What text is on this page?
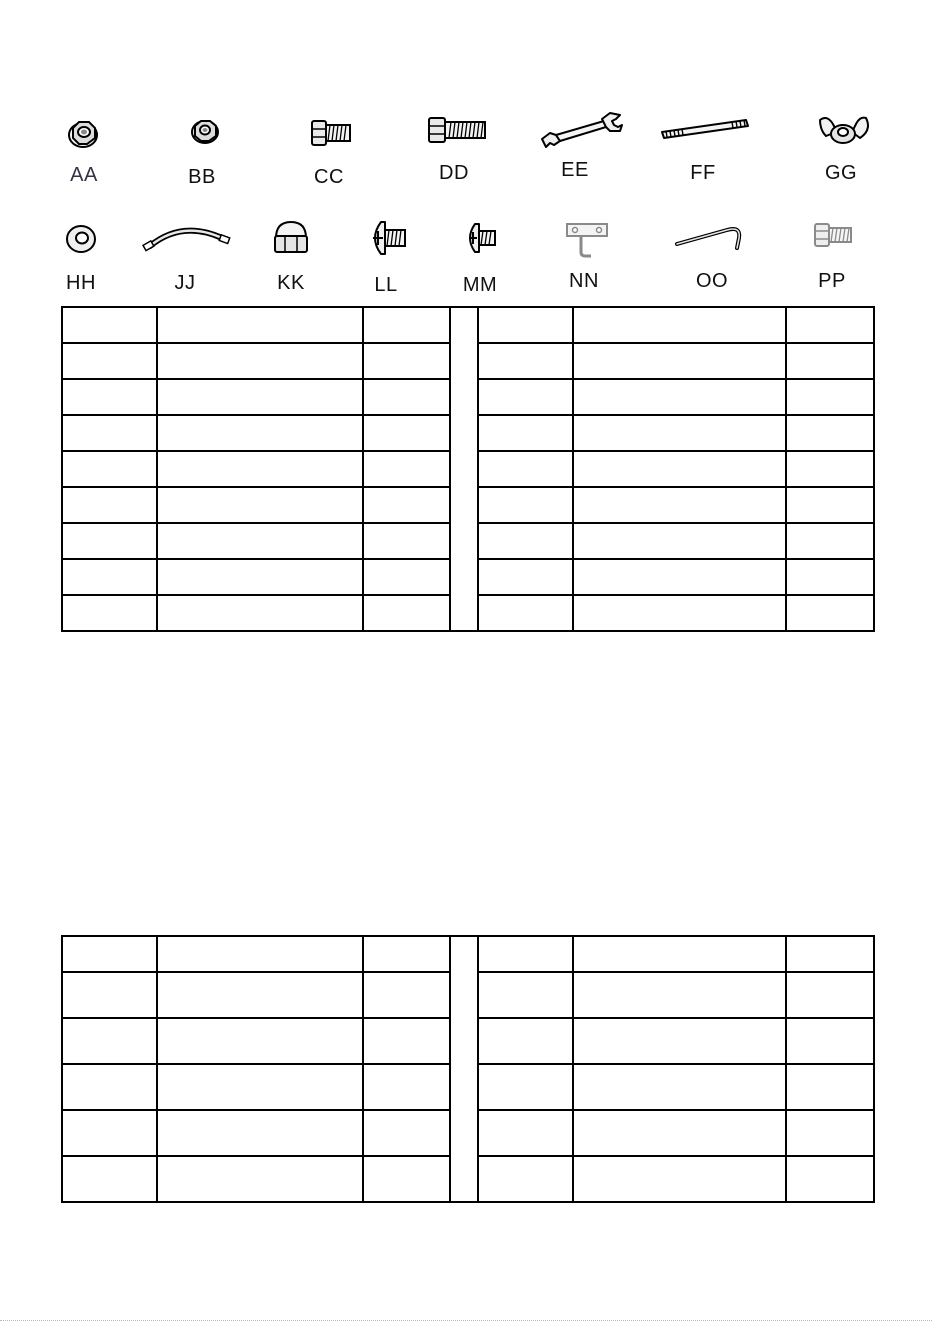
AA	BB	CC	DD	EE	FF	GG
HH	JJ	KK	LL	MM	NN	OO	PP
